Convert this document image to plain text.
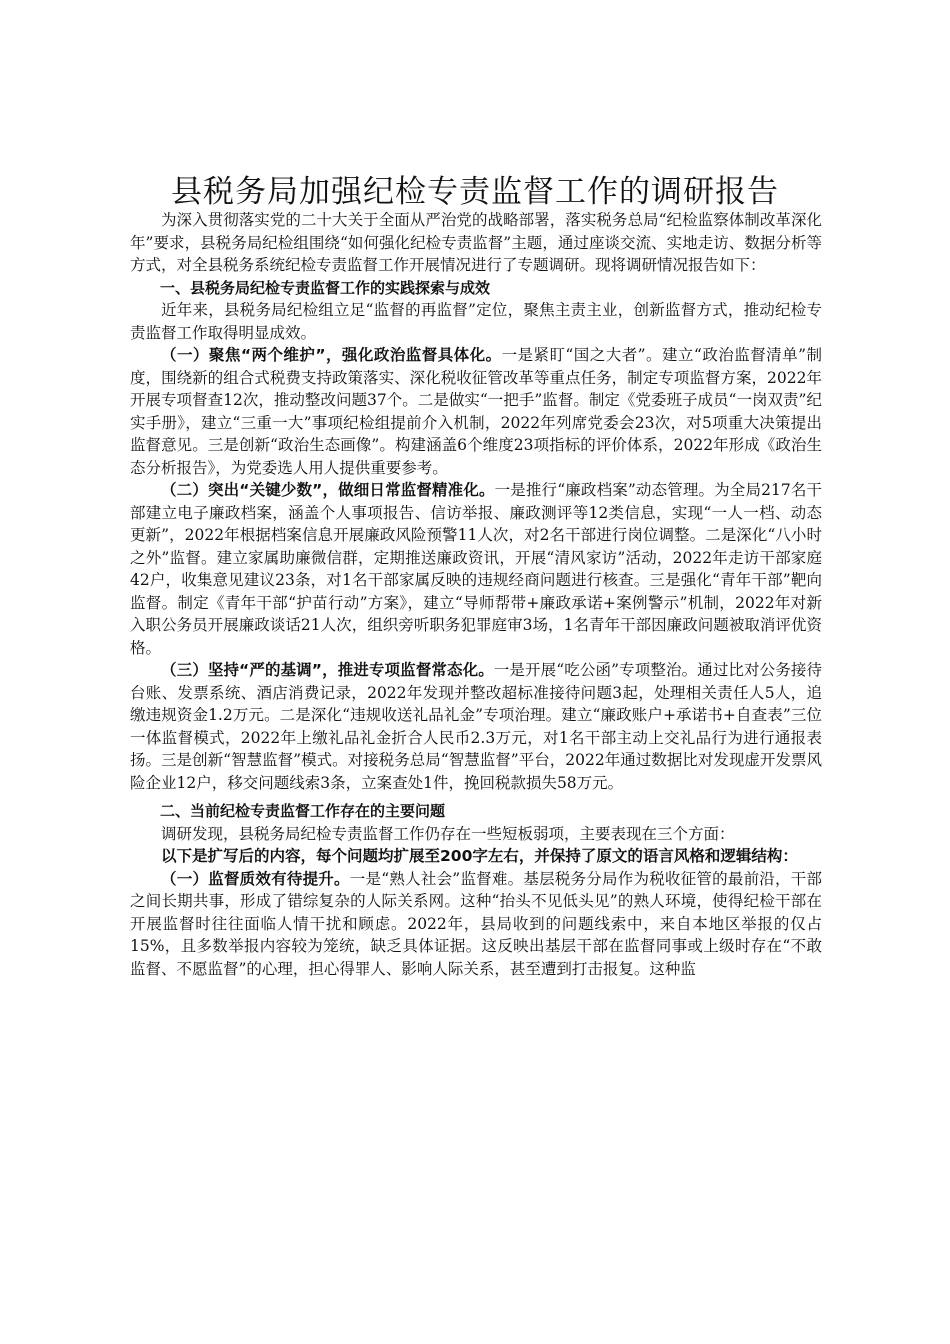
县税务局加强纪检专责监督工作的调研报告

为深入贯彻落实党的二十大关于全面从严治党的战略部署，落实税务总局“纪检监察体制改革深化年”要求，县税务局纪检组围绕“如何强化纪检专责监督”主题，通过座谈交流、实地走访、数据分析等方式，对全县税务系统纪检专责监督工作开展情况进行了专题调研。现将调研情况报告如下：

一、县税务局纪检专责监督工作的实践探索与成效

近年来，县税务局纪检组立足“监督的再监督”定位，聚焦主责主业，创新监督方式，推动纪检专责监督工作取得明显成效。

（一）聚焦“两个维护”，强化政治监督具体化。一是紧盯“国之大者”。建立“政治监督清单”制度，围绕新的组合式税费支持政策落实、深化税收征管改革等重点任务，制定专项监督方案，2022年开展专项督查12次，推动整改问题37个。二是做实“一把手”监督。制定《党委班子成员“一岗双责”纪实手册》，建立“三重一大”事项纪检组提前介入机制，2022年列席党委会23次，对5项重大决策提出监督意见。三是创新“政治生态画像”。构建涵盖6个维度23项指标的评价体系，2022年形成《政治生态分析报告》，为党委选人用人提供重要参考。

（二）突出“关键少数”，做细日常监督精准化。一是推行“廉政档案”动态管理。为全局217名干部建立电子廉政档案，涵盖个人事项报告、信访举报、廉政测评等12类信息，实现“一人一档、动态更新”，2022年根据档案信息开展廉政风险预警11人次，对2名干部进行岗位调整。二是深化“八小时之外”监督。建立家属助廉微信群，定期推送廉政资讯，开展“清风家访”活动，2022年走访干部家庭42户，收集意见建议23条，对1名干部家属反映的违规经商问题进行核查。三是强化“青年干部”靶向监督。制定《青年干部“护苗行动”方案》，建立“导师帮带+廉政承诺+案例警示”机制，2022年对新入职公务员开展廉政谈话21人次，组织旁听职务犯罪庭审3场，1名青年干部因廉政问题被取消评优资格。

（三）坚持“严的基调”，推进专项监督常态化。一是开展“吃公函”专项整治。通过比对公务接待台账、发票系统、酒店消费记录，2022年发现并整改超标准接待问题3起，处理相关责任人5人，追缴违规资金1.2万元。二是深化“违规收送礼品礼金”专项治理。建立“廉政账户+承诺书+自查表”三位一体监督模式，2022年上缴礼品礼金折合人民币2.3万元，对1名干部主动上交礼品行为进行通报表扬。三是创新“智慧监督”模式。对接税务总局“智慧监督”平台，2022年通过数据比对发现虚开发票风险企业12户，移交问题线索3条，立案查处1件，挽回税款损失58万元。

二、当前纪检专责监督工作存在的主要问题

调研发现，县税务局纪检专责监督工作仍存在一些短板弱项，主要表现在三个方面：

以下是扩写后的内容，每个问题均扩展至200字左右，并保持了原文的语言风格和逻辑结构：

（一）监督质效有待提升。一是“熟人社会”监督难。基层税务分局作为税收征管的最前沿，干部之间长期共事，形成了错综复杂的人际关系网。这种“抬头不见低头见”的熟人环境，使得纪检干部在开展监督时往往面临人情干扰和顾虑。2022年，县局收到的问题线索中，来自本地区举报的仅占15%，且多数举报内容较为笼统，缺乏具体证据。这反映出基层干部在监督同事或上级时存在“不敢监督、不愿监督”的心理，担心得罪人、影响人际关系，甚至遭到打击报复。这种监
